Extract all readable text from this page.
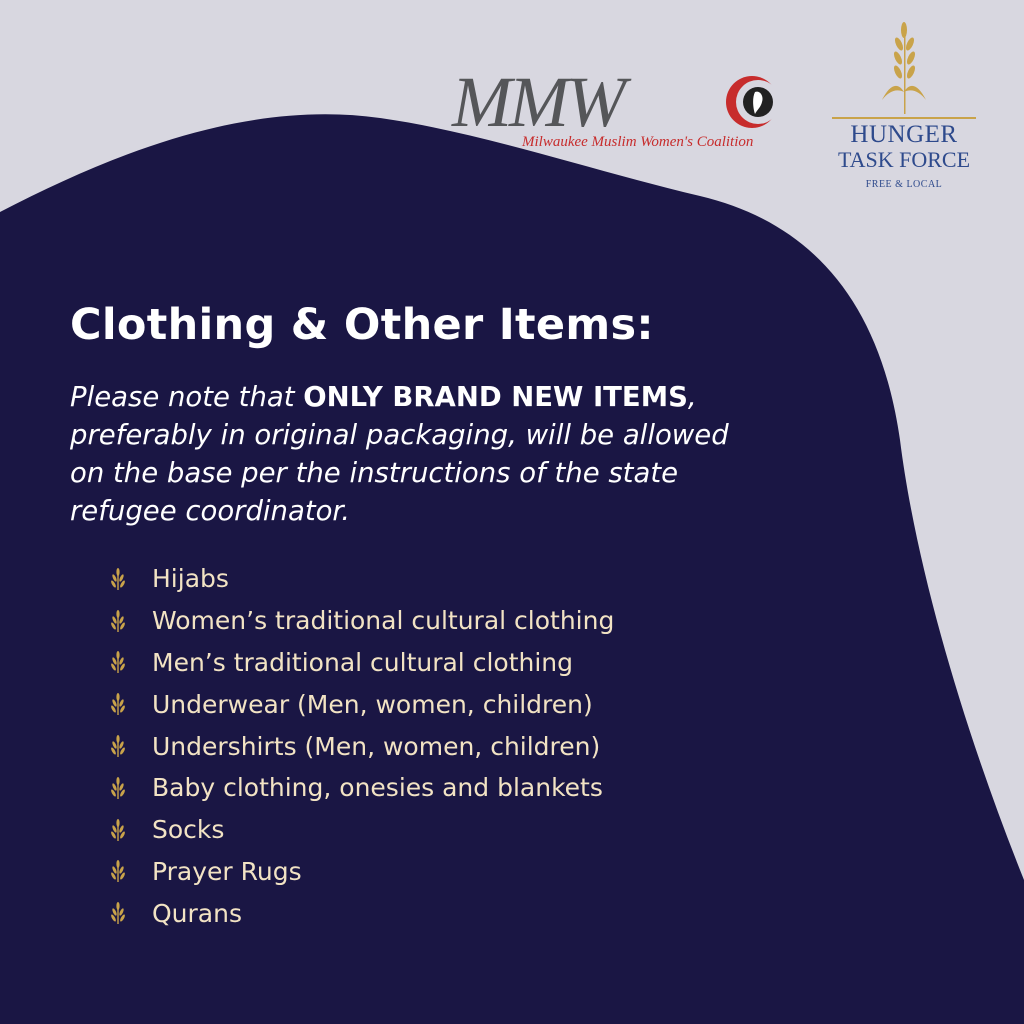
MMW
Milwaukee Muslim Women's Coalition	HUNGER
TASK FORCE
FREE & LOCAL
Clothing & Other Items:
Please note that ONLY BRAND NEW ITEMS,
preferably in original packaging, will be allowed
on the base per the instructions of the state
refugee coordinator.
Hijabs
Women’s traditional cultural clothing
Men’s traditional cultural clothing
Underwear (Men, women, children)
Undershirts (Men, women, children)
Baby clothing, onesies and blankets
Socks
Prayer Rugs
Qurans
